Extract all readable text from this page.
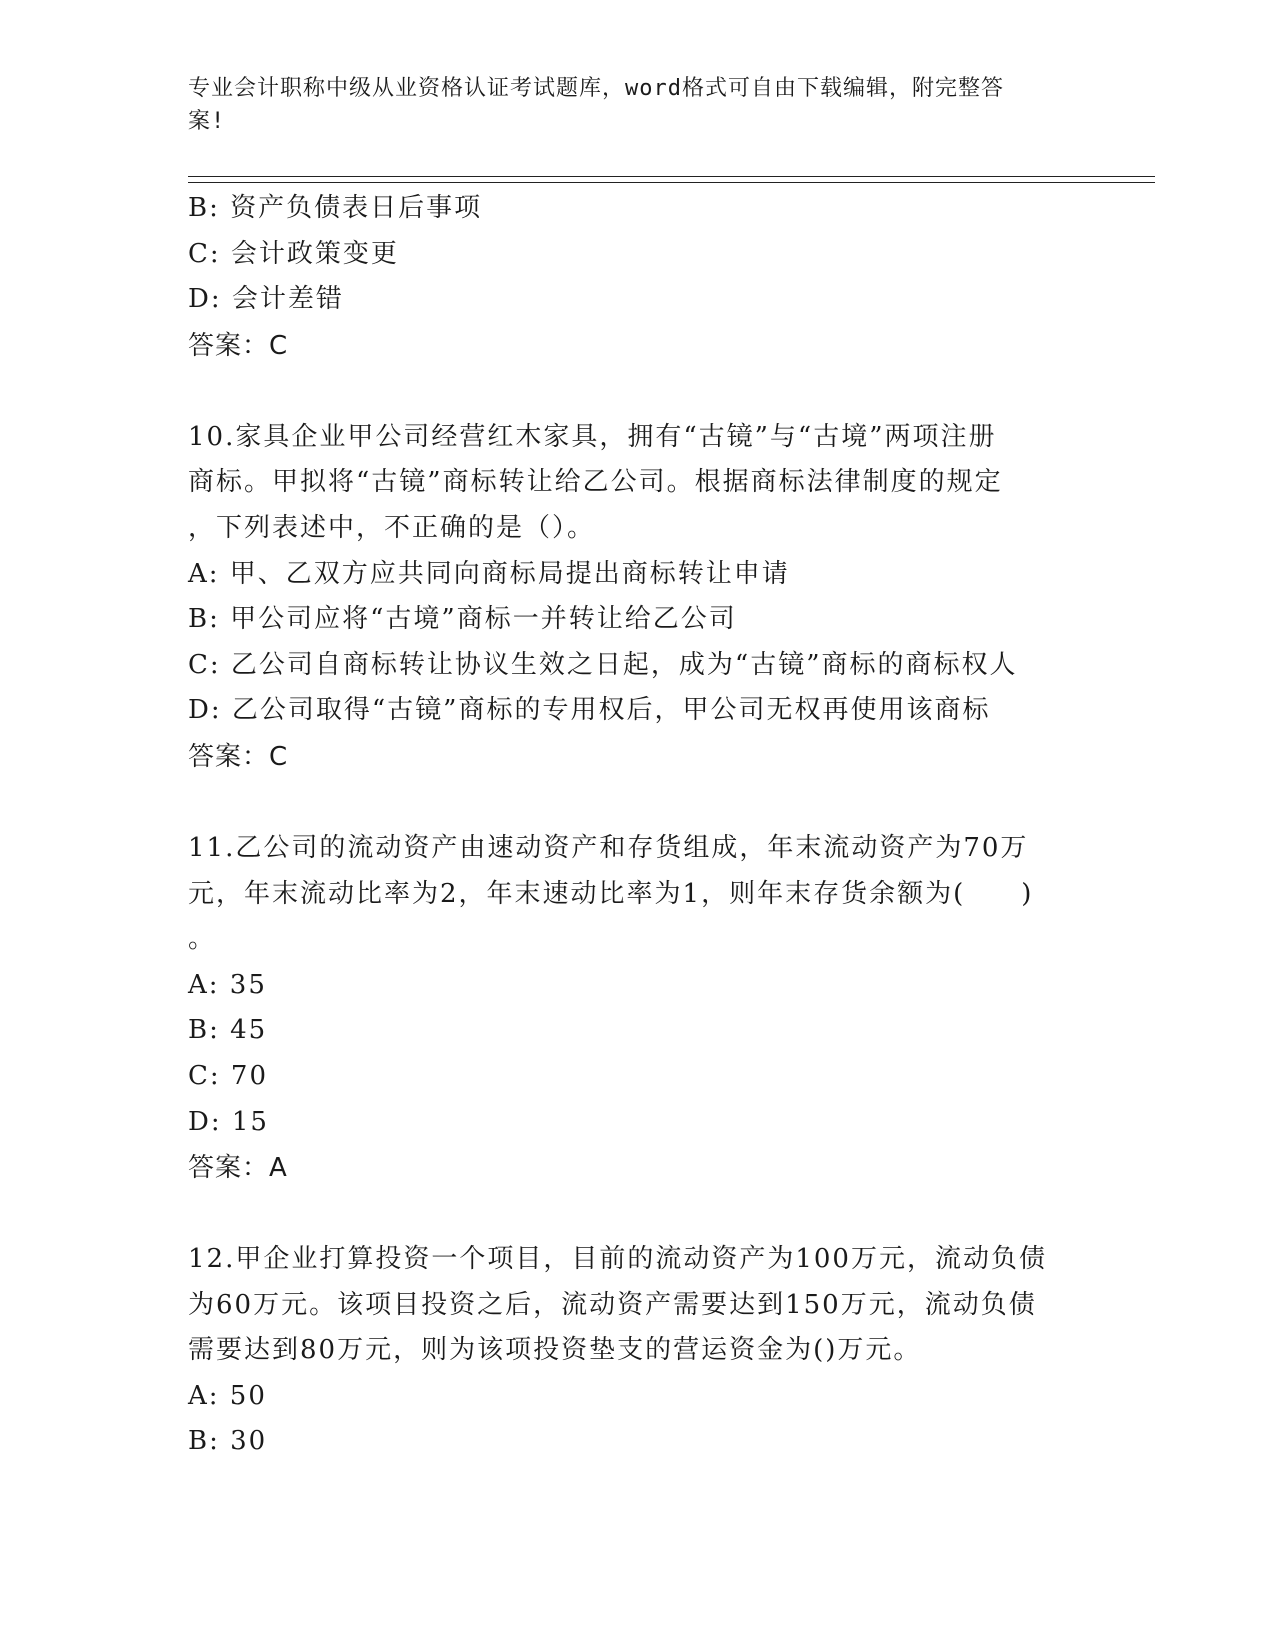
专业会计职称中级从业资格认证考试题库，word格式可自由下载编辑，附完整答
案!
B: 资产负债表日后事项
C: 会计政策变更
D: 会计差错
答案：C
10.家具企业甲公司经营红木家具，拥有“古镜”与“古境”两项注册
商标。甲拟将“古镜”商标转让给乙公司。根据商标法律制度的规定
，下列表述中，不正确的是（）。
A: 甲、乙双方应共同向商标局提出商标转让申请
B: 甲公司应将“古境”商标一并转让给乙公司
C: 乙公司自商标转让协议生效之日起，成为“古镜”商标的商标权人
D: 乙公司取得“古镜”商标的专用权后，甲公司无权再使用该商标
答案：C
11.乙公司的流动资产由速动资产和存货组成，年末流动资产为70万
元，年末流动比率为2，年末速动比率为1，则年末存货余额为(　　)
。
A: 35
B: 45
C: 70
D: 15
答案：A
12.甲企业打算投资一个项目，目前的流动资产为100万元，流动负债
为60万元。该项目投资之后，流动资产需要达到150万元，流动负债
需要达到80万元，则为该项投资垫支的营运资金为()万元。
A: 50
B: 30
